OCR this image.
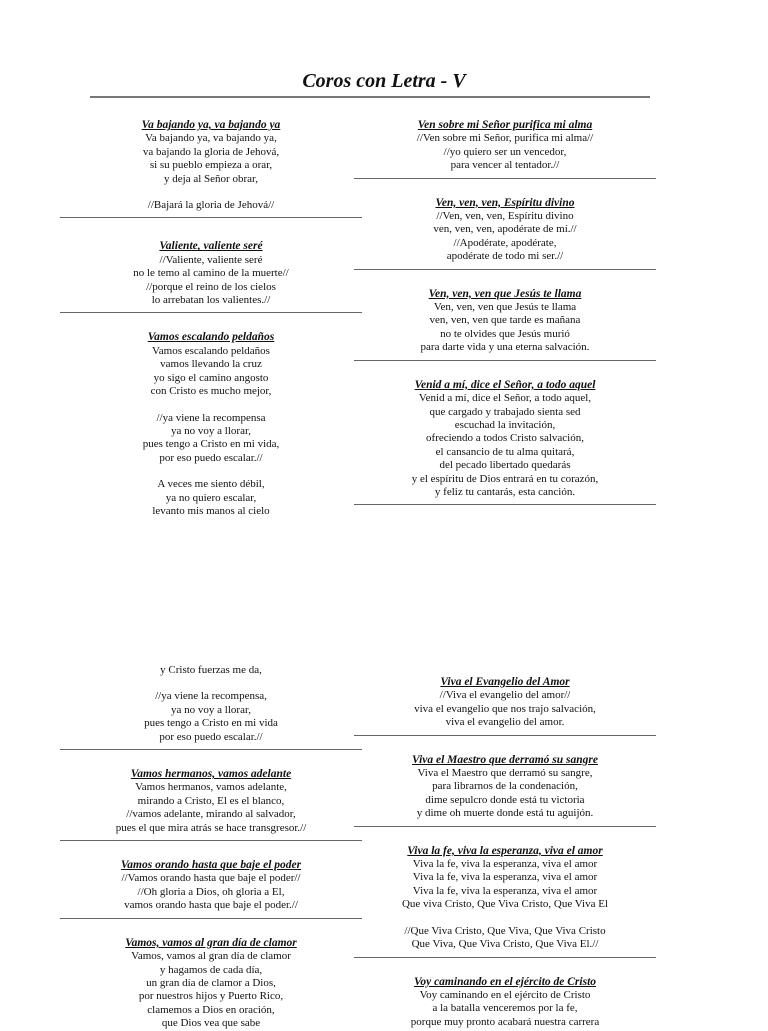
Coros con Letra - V
Va bajando ya, va bajando ya
Va bajando ya, va bajando ya,
va bajando la gloria de Jehová,
si su pueblo empieza a orar,
y deja al Señor obrar,
//Bajará la gloria de Jehová//
Valiente, valiente seré
//Valiente, valiente seré
no le temo al camino de la muerte//
//porque el reino de los cielos
lo arrebatan los valientes.//
Vamos escalando peldaños
Vamos escalando peldaños
vamos llevando la cruz
yo sigo el camino angosto
con Cristo es mucho mejor,
//ya viene la recompensa
ya no voy a llorar,
pues tengo a Cristo en mi vida,
por eso puedo escalar.//
A veces me siento débil,
ya no quiero escalar,
levanto mis manos al cielo
Ven sobre mi Señor purifica mi alma
//Ven sobre mi Señor, purifica mi alma//
//yo quiero ser un vencedor,
para vencer al tentador.//
Ven, ven, ven, Espíritu divino
//Ven, ven, ven, Espíritu divino
ven, ven, ven, apodérate de mí.//
//Apodérate, apodérate,
apodérate de todo mi ser.//
Ven, ven, ven que Jesús te llama
Ven, ven, ven que Jesús te llama
ven, ven, ven que tarde es mañana
no te olvides que Jesús murió
para darte vida y una eterna salvación.
Venid a mí, dice el Señor, a todo aquel
Venid a mí, dice el Señor, a todo aquel,
que cargado y trabajado sienta sed
escuchad la invitación,
ofreciendo a todos Cristo salvación,
el cansancio de tu alma quitará,
del pecado libertado quedarás
y el espíritu de Dios entrará en tu corazón,
y feliz tu cantarás, esta canción.
y Cristo fuerzas me da,
//ya viene la recompensa,
ya no voy a llorar,
pues tengo a Cristo en mi vida
por eso puedo escalar.//
Vamos hermanos, vamos adelante
Vamos hermanos, vamos adelante,
mirando a Cristo, El es el blanco,
//vamos adelante, mirando al salvador,
pues el que mira atrás se hace transgresor.//
Vamos orando hasta que baje el poder
//Vamos orando hasta que baje el poder//
//Oh gloria a Dios, oh gloria a El,
vamos orando hasta que baje el poder.//
Vamos, vamos al gran día de clamor
Vamos, vamos al gran día de clamor
y hagamos de cada día,
un gran día de clamor a Dios,
por nuestros hijos y Puerto Rico,
clamemos a Dios en oración,
que Dios vea que sabe
Viva el Evangelio del Amor
//Viva el evangelio del amor//
viva el evangelio que nos trajo salvación,
viva el evangelio del amor.
Viva el Maestro que derramó su sangre
Viva el Maestro que derramó su sangre,
para librarnos de la condenación,
dime sepulcro donde está tu victoria
y dime oh muerte donde está tu aguijón.
Viva la fe, viva la esperanza, viva el amor
Viva la fe, viva la esperanza, viva el amor
Viva la fe, viva la esperanza, viva el amor
Viva la fe, viva la esperanza, viva el amor
Que viva Cristo, Que Viva Cristo, Que Viva El
//Que Viva Cristo, Que Viva, Que Viva Cristo
Que Viva, Que Viva Cristo, Que Viva El.//
Voy caminando en el ejército de Cristo
Voy caminando en el ejército de Cristo
a la batalla venceremos por la fe,
porque muy pronto acabará nuestra carrera
